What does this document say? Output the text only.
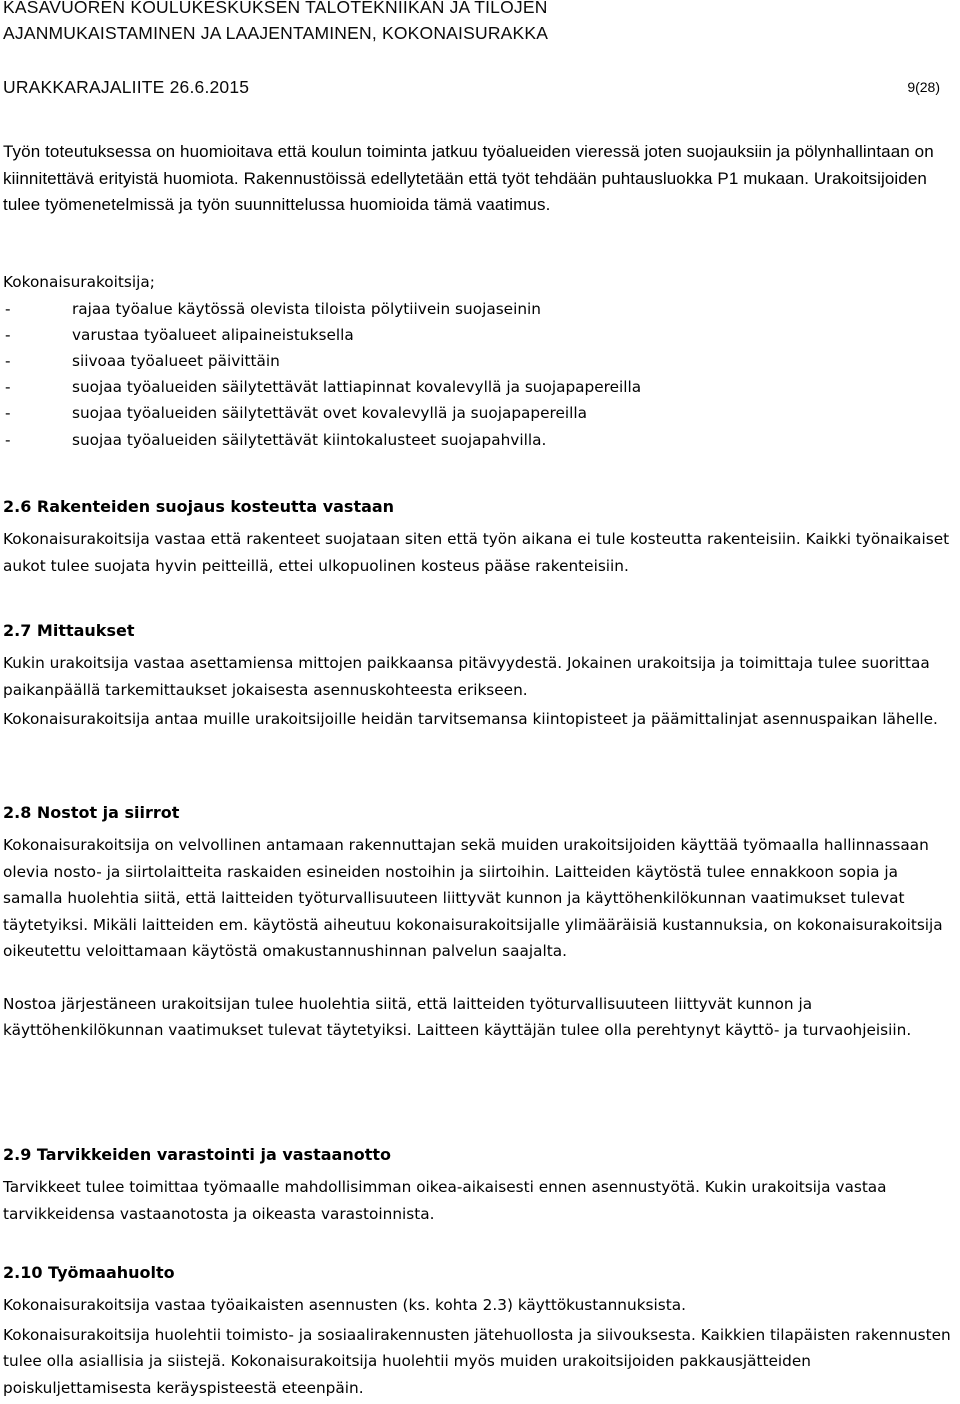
KASAVUOREN KOULUKESKUKSEN TALOTEKNIIKAN JA TILOJEN
AJANMUKAISTAMINEN JA LAAJENTAMINEN, KOKONAISURAKKA
URAKKARAJALIITE 26.6.2015	9(28)

Työn toteutuksessa on huomioitava että koulun toiminta jatkuu työalueiden vieressä joten suojauksiin ja pölynhallintaan on kiinnitettävä erityistä huomiota. Rakennustöissä edellytetään että työt tehdään puhtausluokka P1 mukaan. Urakoitsijoiden tulee työmenetelmissä ja työn suunnittelussa huomioida tämä vaatimus.

Kokonaisurakoitsija;

-	rajaa työalue käytössä olevista tiloista pölytiivein suojaseinin
-	varustaa työalueet alipaineistuksella
-	siivoaa työalueet päivittäin
-	suojaa työalueiden säilytettävät lattiapinnat kovalevyllä ja suojapapereilla
-	suojaa työalueiden säilytettävät ovet kovalevyllä ja suojapapereilla
-	suojaa työalueiden säilytettävät kiintokalusteet suojapahvilla.

2.6 Rakenteiden suojaus kosteutta vastaan

Kokonaisurakoitsija vastaa että rakenteet suojataan siten että työn aikana ei tule kosteutta rakenteisiin. Kaikki työnaikaiset aukot tulee suojata hyvin peitteillä, ettei ulkopuolinen kosteus pääse rakenteisiin.

2.7 Mittaukset

Kukin urakoitsija vastaa asettamiensa mittojen paikkaansa pitävyydestä. Jokainen urakoitsija ja toimittaja tulee suorittaa paikanpäällä tarkemittaukset jokaisesta asennuskohteesta erikseen.

Kokonaisurakoitsija antaa muille urakoitsijoille heidän tarvitsemansa kiintopisteet ja päämittalinjat asennuspaikan lähelle.

2.8 Nostot ja siirrot

Kokonaisurakoitsija on velvollinen antamaan rakennuttajan sekä muiden urakoitsijoiden käyttää työmaalla hallinnassaan olevia nosto- ja siirtolaitteita raskaiden esineiden nostoihin ja siirtoihin. Laitteiden käytöstä tulee ennakkoon sopia ja samalla huolehtia siitä, että laitteiden työturvallisuuteen liittyvät kunnon ja käyttöhenkilökunnan vaatimukset tulevat täytetyiksi. Mikäli laitteiden em. käytöstä aiheutuu kokonaisurakoitsijalle ylimääräisiä kustannuksia, on kokonaisurakoitsija oikeutettu veloittamaan käytöstä omakustannushinnan palvelun saajalta.

Nostoa järjestäneen urakoitsijan tulee huolehtia siitä, että laitteiden työturvallisuuteen liittyvät kunnon ja käyttöhenkilökunnan vaatimukset tulevat täytetyiksi. Laitteen käyttäjän tulee olla perehtynyt käyttö- ja turvaohjeisiin.

2.9 Tarvikkeiden varastointi ja vastaanotto

Tarvikkeet tulee toimittaa työmaalle mahdollisimman oikea-aikaisesti ennen asennustyötä. Kukin urakoitsija vastaa tarvikkeidensa vastaanotosta ja oikeasta varastoinnista.

2.10 Työmaahuolto

Kokonaisurakoitsija vastaa työaikaisten asennusten (ks. kohta 2.3) käyttökustannuksista.

Kokonaisurakoitsija huolehtii toimisto- ja sosiaalirakennusten jätehuollosta ja siivouksesta. Kaikkien tilapäisten rakennusten tulee olla asiallisia ja siistejä. Kokonaisurakoitsija huolehtii myös muiden urakoitsijoiden pakkausjätteiden poiskuljettamisesta keräyspisteestä eteenpäin.
